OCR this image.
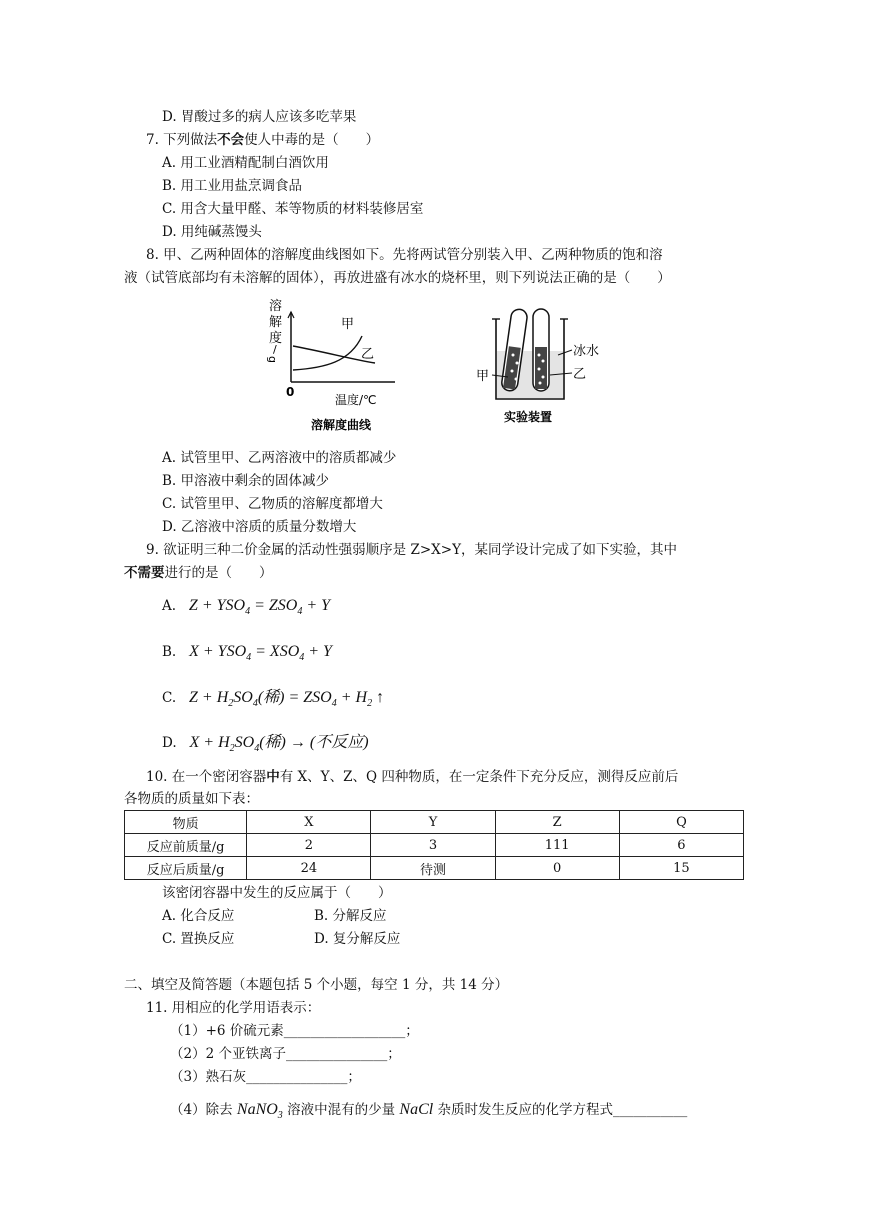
D. 胃酸过多的病人应该多吃苹果
7. 下列做法不会使人中毒的是（　　）
A. 用工业酒精配制白酒饮用
B. 用工业用盐烹调食品
C. 用含大量甲醛、苯等物质的材料装修居室
D. 用纯碱蒸馒头
8. 甲、乙两种固体的溶解度曲线图如下。先将两试管分别装入甲、乙两种物质的饱和溶
液（试管底部均有未溶解的固体），再放进盛有冰水的烧杯里，则下列说法正确的是（　　）
溶
解
度
/
g
0
甲
乙
温度/℃
溶解度曲线
冰水
乙
甲
实验装置
A. 试管里甲、乙两溶液中的溶质都减少
B. 甲溶液中剩余的固体减少
C. 试管里甲、乙物质的溶解度都增大
D. 乙溶液中溶质的质量分数增大
9. 欲证明三种二价金属的活动性强弱顺序是 Z>X>Y，某同学设计完成了如下实验，其中
不需要进行的是（　　）
A. $Z + YSO_4 = ZSO_4 + Y$
B. $X + YSO_4 = XSO_4 + Y$
C. $Z + H_2SO_4$(稀) = $ZSO_4 + H_2$ ↑
D. $X + H_2SO_4$(稀) → (不反应)
10. 在一个密闭容器中有 X、Y、Z、Q 四种物质，在一定条件下充分反应，测得反应前后
各物质的质量如下表：
物质	X	Y	Z	Q
反应前质量/g	2	3	111	6
反应后质量/g	24	待测	0	15
该密闭容器中发生的反应属于（　　）
A. 化合反应	B. 分解反应
C. 置换反应	D. 复分解反应
二、填空及简答题（本题包括 5 个小题，每空 1 分，共 14 分）
11. 用相应的化学用语表示：
（1）+6 价硫元素__________________；
（2）2 个亚铁离子_______________；
（3）熟石灰_______________；
（4）除去 NaNO$_3$ 溶液中混有的少量 NaCl 杂质时发生反应的化学方程式___________
